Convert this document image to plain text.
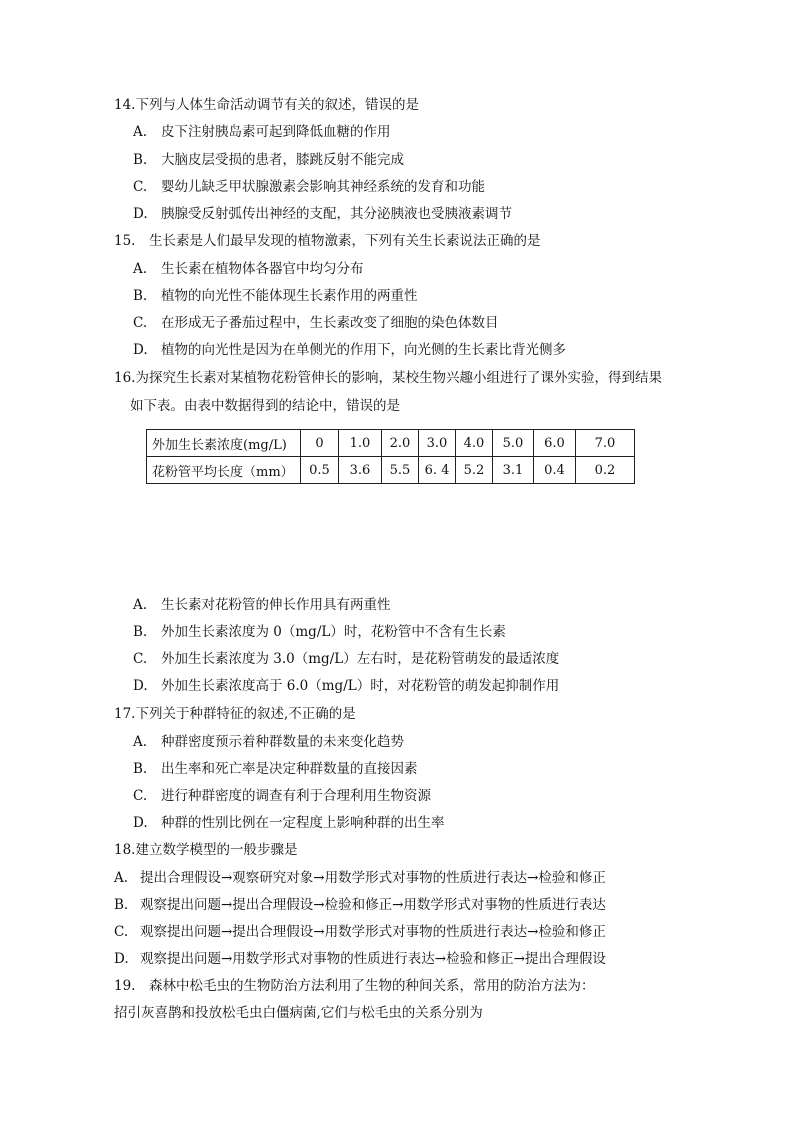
14.下列与人体生命活动调节有关的叙述，错误的是
A. 皮下注射胰岛素可起到降低血糖的作用
B. 大脑皮层受损的患者，膝跳反射不能完成
C. 婴幼儿缺乏甲状腺激素会影响其神经系统的发育和功能
D. 胰腺受反射弧传出神经的支配，其分泌胰液也受胰液素调节
15.　生长素是人们最早发现的植物激素，下列有关生长素说法正确的是
A. 生长素在植物体各器官中均匀分布
B. 植物的向光性不能体现生长素作用的两重性
C. 在形成无子番茄过程中，生长素改变了细胞的染色体数目
D. 植物的向光性是因为在单侧光的作用下，向光侧的生长素比背光侧多
16.为探究生长素对某植物花粉管伸长的影响，某校生物兴趣小组进行了课外实验，得到结果
如下表。由表中数据得到的结论中，错误的是
外加生长素浓度(mg/L)	0	1.0	2.0	3.0	4.0	5.0	6.0	7.0
花粉管平均长度（mm）	0.5	3.6	5.5	6. 4	5.2	3.1	0.4	0.2
A. 生长素对花粉管的伸长作用具有两重性
B. 外加生长素浓度为 0（mg/L）时，花粉管中不含有生长素
C. 外加生长素浓度为 3.0（mg/L）左右时，是花粉管萌发的最适浓度
D. 外加生长素浓度高于 6.0（mg/L）时，对花粉管的萌发起抑制作用
17.下列关于种群特征的叙述,不正确的是
A. 种群密度预示着种群数量的未来变化趋势
B. 出生率和死亡率是决定种群数量的直接因素
C. 进行种群密度的调查有利于合理利用生物资源
D. 种群的性别比例在一定程度上影响种群的出生率
18.建立数学模型的一般步骤是
A. 提出合理假设→观察研究对象→用数学形式对事物的性质进行表达→检验和修正
B. 观察提出问题→提出合理假设→检验和修正→用数学形式对事物的性质进行表达
C. 观察提出问题→提出合理假设→用数学形式对事物的性质进行表达→检验和修正
D. 观察提出问题→用数学形式对事物的性质进行表达→检验和修正→提出合理假设
19.　森林中松毛虫的生物防治方法利用了生物的种间关系，常用的防治方法为：
招引灰喜鹊和投放松毛虫白僵病菌,它们与松毛虫的关系分别为
